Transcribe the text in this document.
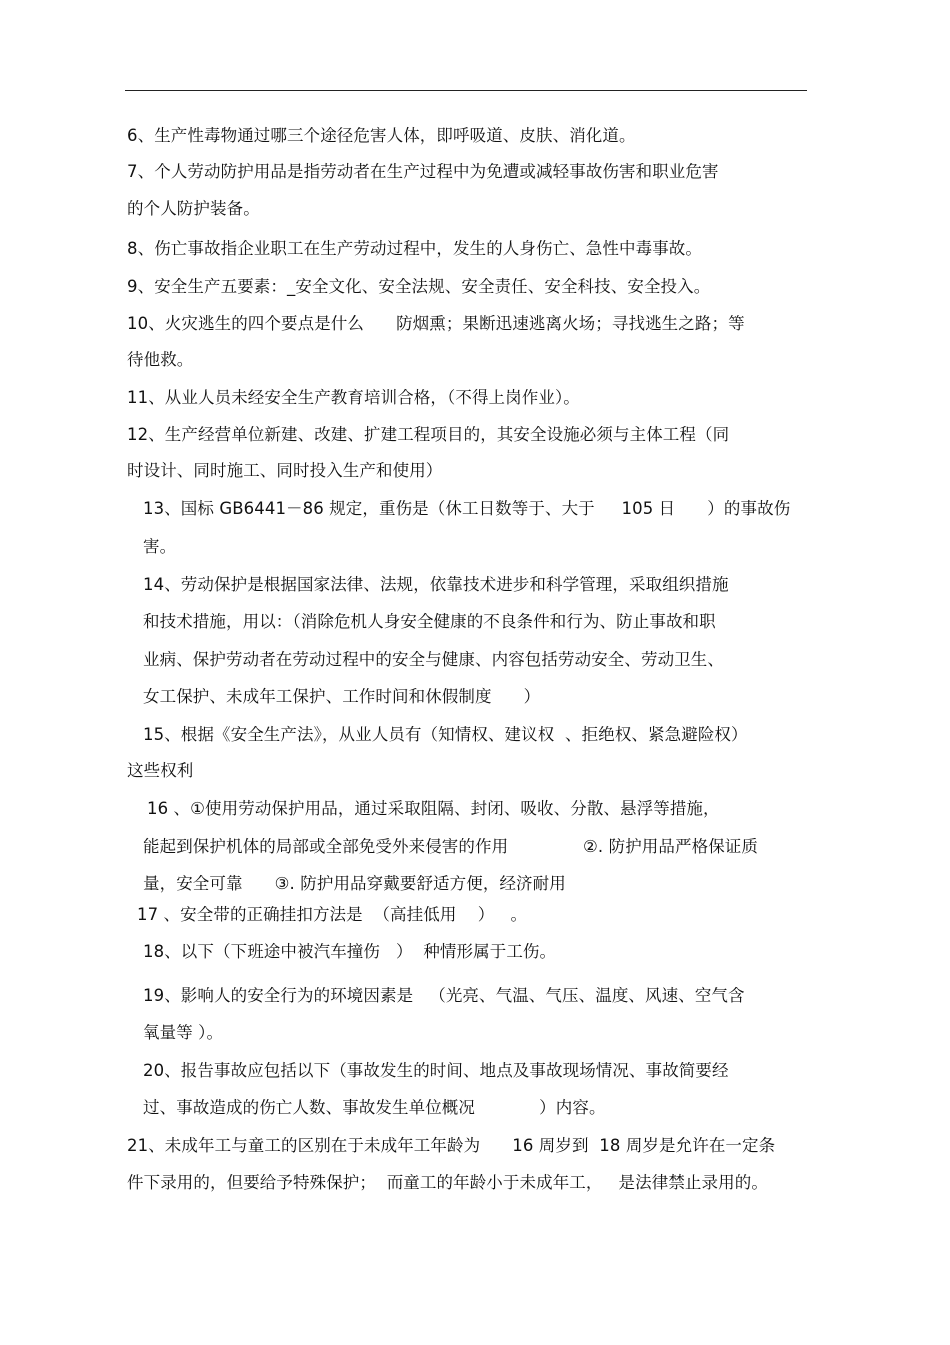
6、生产性毒物通过哪三个途径危害人体，即呼吸道、皮肤、消化道。
7、个人劳动防护用品是指劳动者在生产过程中为免遭或减轻事故伤害和职业危害
的个人防护装备。
8、伤亡事故指企业职工在生产劳动过程中，发生的人身伤亡、急性中毒事故。
9、安全生产五要素：_安全文化、安全法规、安全责任、安全科技、安全投入。
10、火灾逃生的四个要点是什么      防烟熏；果断迅速逃离火场；寻找逃生之路；等
待他救。
11、从业人员未经安全生产教育培训合格，（不得上岗作业）。
12、生产经营单位新建、改建、扩建工程项目的，其安全设施必须与主体工程（同
时设计、同时施工、同时投入生产和使用）
13、国标 GB6441－86 规定，重伤是（休工日数等于、大于     105 日      ）的事故伤
害。
14、劳动保护是根据国家法律、法规，依靠技术进步和科学管理，采取组织措施
和技术措施，用以：（消除危机人身安全健康的不良条件和行为、防止事故和职
业病、保护劳动者在劳动过程中的安全与健康、内容包括劳动安全、劳动卫生、
女工保护、未成年工保护、工作时间和休假制度      ）
15、根据《安全生产法》，从业人员有（知情权、建议权  、拒绝权、紧急避险权）
这些权利
16 、①使用劳动保护用品，通过采取阻隔、封闭、吸收、分散、悬浮等措施，
能起到保护机体的局部或全部免受外来侵害的作用              ②. 防护用品严格保证质
量，安全可靠      ③. 防护用品穿戴要舒适方便，经济耐用
17 、安全带的正确挂扣方法是  （高挂低用    ）   。
18、以下（下班途中被汽车撞伤   ）  种情形属于工伤。
19、影响人的安全行为的环境因素是   （光亮、气温、气压、温度、风速、空气含
氧量等 ）。
20、报告事故应包括以下（事故发生的时间、地点及事故现场情况、事故简要经
过、事故造成的伤亡人数、事故发生单位概况            ）内容。
21、未成年工与童工的区别在于未成年工年龄为      16 周岁到  18 周岁是允许在一定条
件下录用的，但要给予特殊保护；  而童工的年龄小于未成年工，   是法律禁止录用的。
